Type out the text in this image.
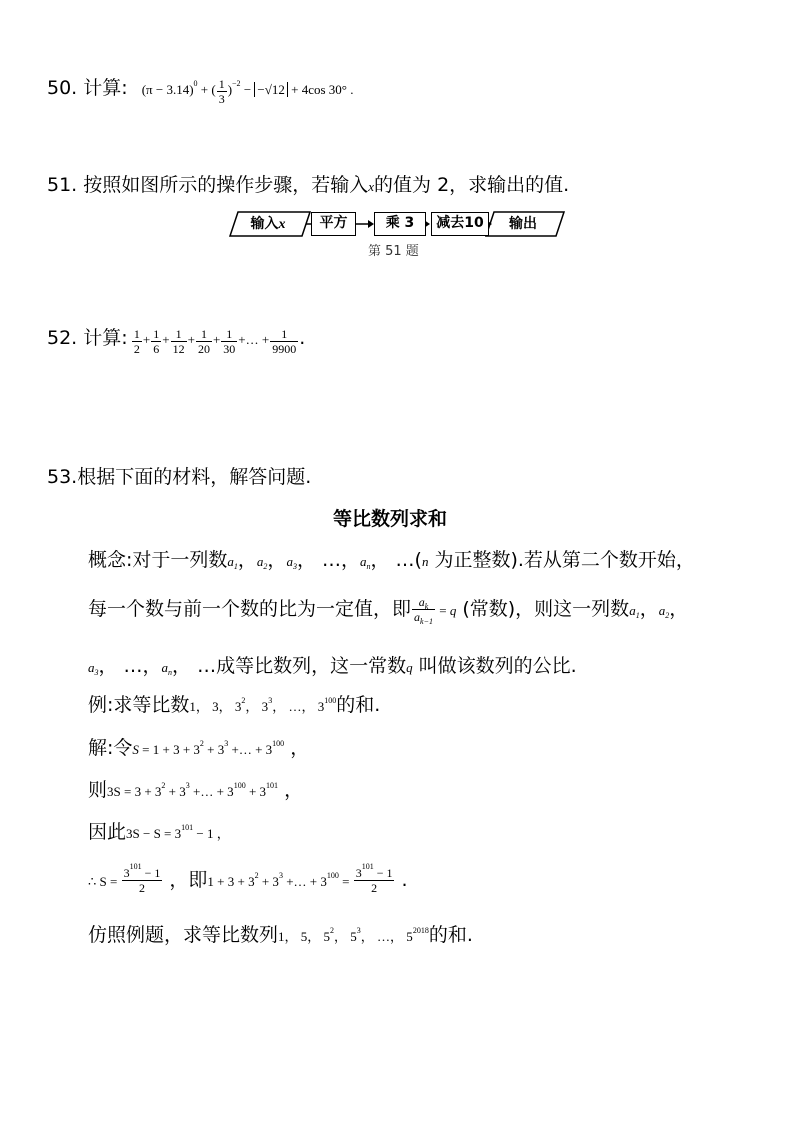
50. 计算: $(\pi - 3.14)^0$ + ( $\frac{1}{3} )^{-2} - -√12 + 4\cos$ 30° .
51. 按照如图所示的操作步骤，若输入x的值为 2，求输出的值.
输入x	平方	乘 3	减去10	输出
第 51 题
52. 计算: $\frac{1}{2} + \frac{1}{6} + \frac{1}{12} + \frac{1}{20} + \frac{1}{30}$ +… + $\frac{1}{9900}$ .
53.根据下面的材料，解答问题.
等比数列求和
概念:对于一列数$a_1$，$a_2$，$a_3$， …，$a_n$， …(n 为正整数).若从第二个数开始，
每一个数与前一个数的比为一定值，即 $\frac{a_k}{a_{k-1}} = q$ (常数)，则这一列数$a_1$，$a_2$，
$a_3$， …，$a_n$， …成等比数列，这一常数q 叫做该数列的公比.
例:求等比数1， 3， $3^2$， $3^3$， …， $3^{100}$的和.
解:令$S = 1 + 3 + 3^2 + 3^3$ +… + $3^{100}$ ，
则$3S = 3 + 3^2 + 3^3$ +… + $3^{100} + 3^{101}$ ，
因此$3S - S = 3^{101} - 1$ ，
∴ $S = \frac{3^{101} - 1}{2}$ ，即$1 + 3 + 3^2 + 3^3$ +… + $3^{100} = \frac{3^{101} - 1}{2}$ .
仿照例题，求等比数列1， 5， $5^2$， $5^3$， …， $5^{2018}$的和.
